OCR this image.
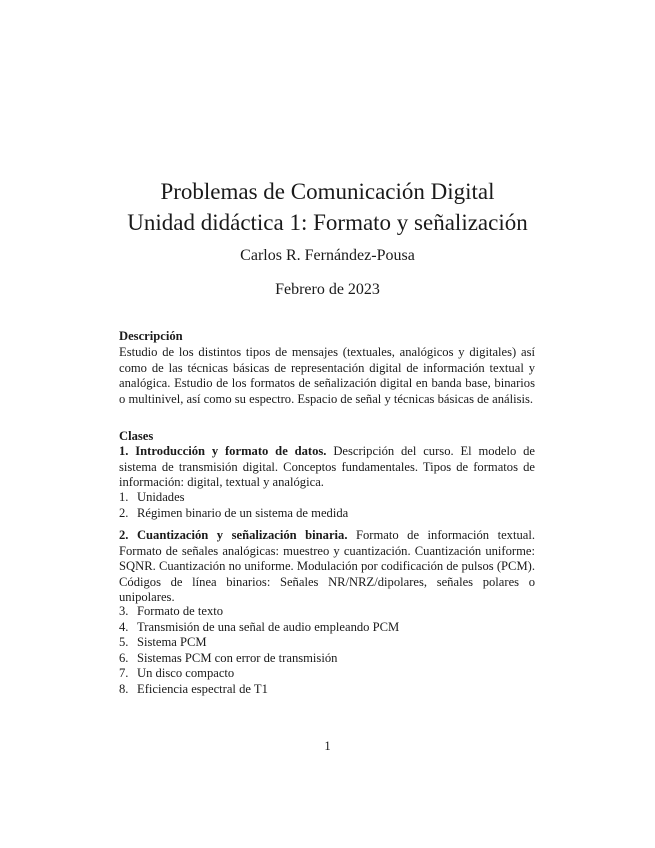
Problemas de Comunicación Digital
Unidad didáctica 1: Formato y señalización
Carlos R. Fernández-Pousa
Febrero de 2023
Descripción
Estudio de los distintos tipos de mensajes (textuales, analógicos y digitales) así como de las técnicas básicas de representación digital de información textual y analógica. Estudio de los formatos de señalización digital en banda base, binarios o multinivel, así como su espectro. Espacio de señal y técnicas básicas de análisis.
Clases
1. Introducción y formato de datos. Descripción del curso. El modelo de sistema de transmisión digital. Conceptos fundamentales. Tipos de formatos de información: digital, textual y analógica.
1. Unidades
2. Régimen binario de un sistema de medida
2. Cuantización y señalización binaria. Formato de información textual. Formato de señales analógicas: muestreo y cuantización. Cuantización uniforme: SQNR. Cuantización no uniforme. Modulación por codificación de pulsos (PCM). Códigos de línea binarios: Señales NR/NRZ/dipolares, señales polares o unipolares.
3. Formato de texto
4. Transmisión de una señal de audio empleando PCM
5. Sistema PCM
6. Sistemas PCM con error de transmisión
7. Un disco compacto
8. Eficiencia espectral de T1
1
